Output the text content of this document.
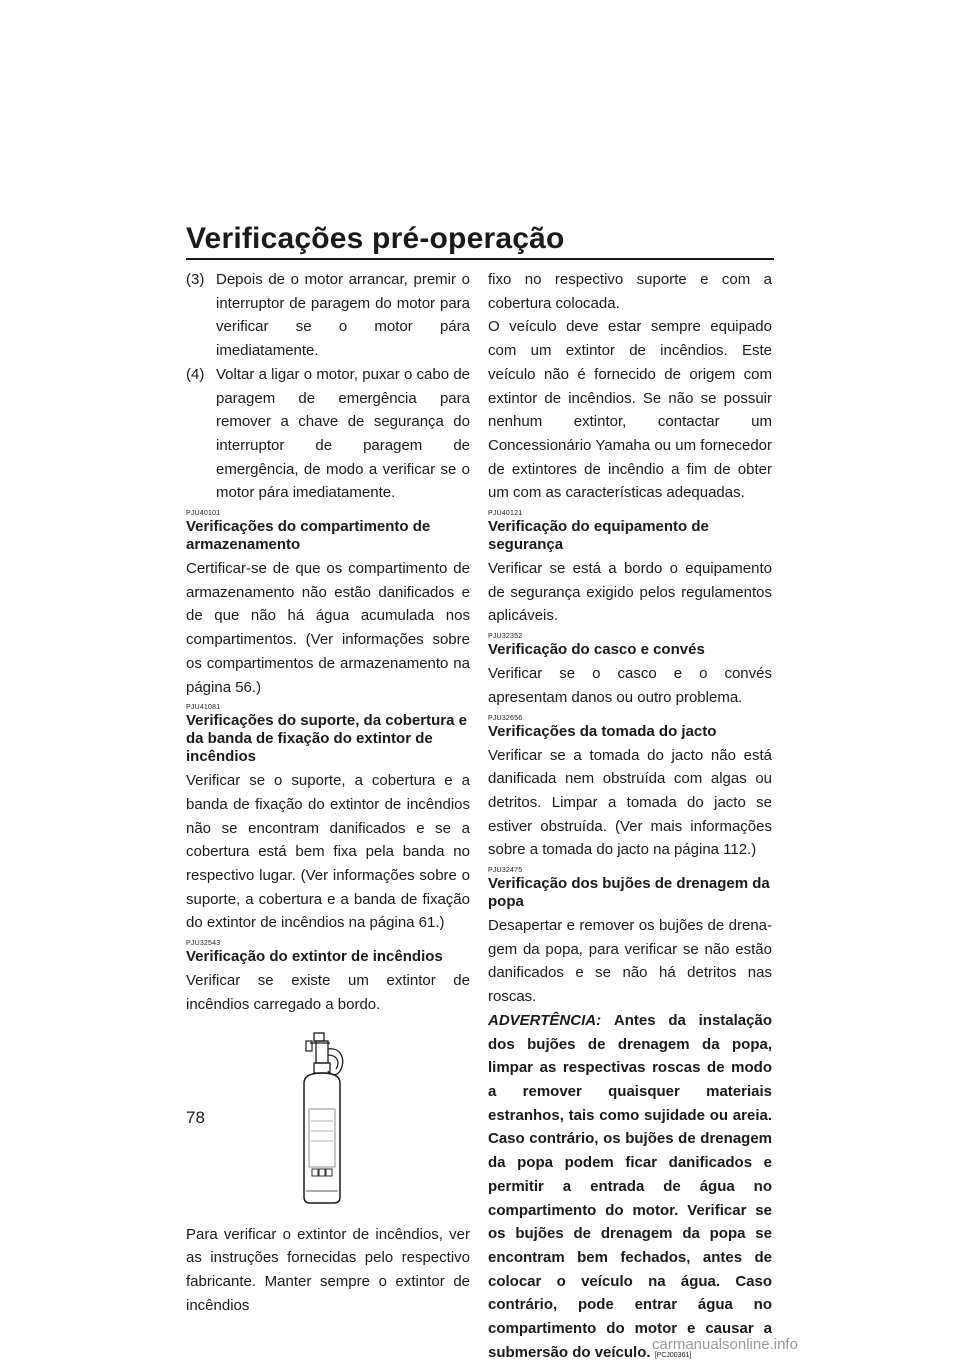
Verificações pré-operação
(3) Depois de o motor arrancar, premir o interruptor de paragem do motor para verificar se o motor pára imediatamente.
(4) Voltar a ligar o motor, puxar o cabo de paragem de emergência para remover a chave de segurança do interruptor de paragem de emergência, de modo a verificar se o motor pára imediatamente.
PJU40101
Verificações do compartimento de armazenamento

Certificar-se de que os compartimento de armazenamento não estão danificados e de que não há água acumulada nos compartimentos. (Ver informações sobre os compartimentos de armazenamento na página 56.)

PJU41081
Verificações do suporte, da cobertura e da banda de fixação do extintor de incêndios

Verificar se o suporte, a cobertura e a banda de fixação do extintor de incêndios não se encontram danificados e se a cobertura está bem fixa pela banda no respectivo lugar. (Ver informações sobre o suporte, a cobertura e a banda de fixação do extintor de incêndios na página 61.)

PJU32543
Verificação do extintor de incêndios

Verificar se existe um extintor de incêndios carregado a bordo.

Para verificar o extintor de incêndios, ver as instruções fornecidas pelo respectivo fabricante. Manter sempre o extintor de incêndios

fixo no respectivo suporte e com a cobertura colocada.

O veículo deve estar sempre equipado com um extintor de incêndios. Este veículo não é fornecido de origem com extintor de incêndios. Se não se possuir nenhum extintor, contactar um Concessionário Yamaha ou um fornecedor de extintores de incêndio a fim de obter um com as características adequadas.

PJU40121
Verificação do equipamento de segurança

Verificar se está a bordo o equipamento de segurança exigido pelos regulamentos aplicáveis.

PJU32352
Verificação do casco e convés

Verificar se o casco e o convés apresentam danos ou outro problema.

PJU32656
Verificações da tomada do jacto

Verificar se a tomada do jacto não está danificada nem obstruída com algas ou detritos. Limpar a tomada do jacto se estiver obstruída. (Ver mais informações sobre a tomada do jacto na página 112.)

PJU32475
Verificação dos bujões de drenagem da popa

Desapertar e remover os bujões de drenagem da popa, para verificar se não estão danificados e se não há detritos nas roscas.

ADVERTÊNCIA: Antes da instalação dos bujões de drenagem da popa, limpar as respectivas roscas de modo a remover quaisquer materiais estranhos, tais como sujidade ou areia. Caso contrário, os bujões de drenagem da popa podem ficar danificados e permitir a entrada de água no compartimento do motor. Verificar se os bujões de drenagem da popa se encontram bem fechados, antes de colocar o veículo na água. Caso contrário, pode entrar água no compartimento do motor e causar a submersão do veículo. [PCJ00361]

78
carmanualsonline.info
